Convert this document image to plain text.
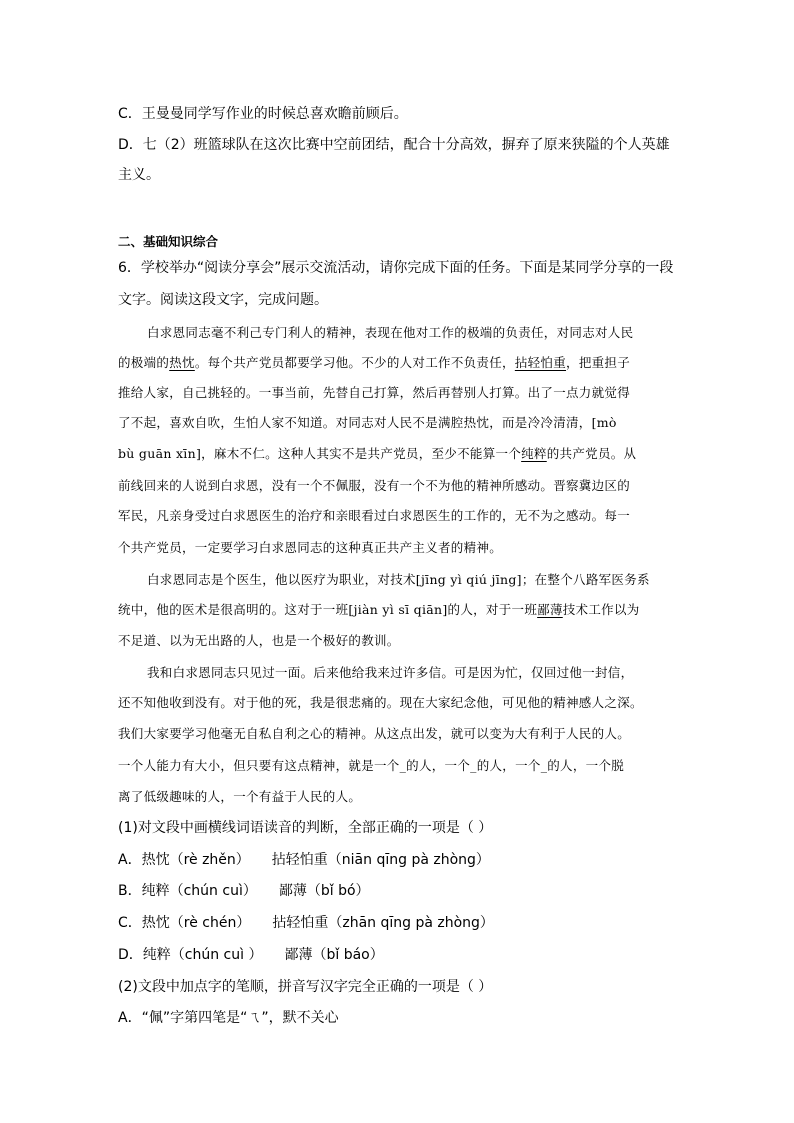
C．王曼曼同学写作业的时候总喜欢瞻前顾后。
D．七（2）班篮球队在这次比赛中空前团结，配合十分高效，摒弃了原来狭隘的个人英雄
主义。
二、基础知识综合
6．学校举办“阅读分享会”展示交流活动，请你完成下面的任务。下面是某同学分享的一段
文字。阅读这段文字，完成问题。
白求恩同志毫不利己专门利人的精神，表现在他对工作的极端的负责任，对同志对人民
的极端的热忱。每个共产党员都要学习他。不少的人对工作不负责任，拈轻怕重，把重担子
推给人家，自己挑轻的。一事当前，先替自己打算，然后再替别人打算。出了一点力就觉得
了不起，喜欢自吹，生怕人家不知道。对同志对人民不是满腔热忱，而是冷冷清清，[mò
bù guān xīn]，麻木不仁。这种人其实不是共产党员，至少不能算一个纯粹的共产党员。从
前线回来的人说到白求恩，没有一个不佩服，没有一个不为他的精神所感动。晋察冀边区的
军民，凡亲身受过白求恩医生的治疗和亲眼看过白求恩医生的工作的，无不为之感动。每一
个共产党员，一定要学习白求恩同志的这种真正共产主义者的精神。
白求恩同志是个医生，他以医疗为职业，对技术[jīng yì qiú jīng]；在整个八路军医务系
统中，他的医术是很高明的。这对于一班[jiàn yì sī qiān]的人，对于一班鄙薄技术工作以为
不足道、以为无出路的人，也是一个极好的教训。
我和白求恩同志只见过一面。后来他给我来过许多信。可是因为忙，仅回过他一封信，
还不知他收到没有。对于他的死，我是很悲痛的。现在大家纪念他，可见他的精神感人之深。
我们大家要学习他毫无自私自利之心的精神。从这点出发，就可以变为大有利于人民的人。
一个人能力有大小，但只要有这点精神，就是一个_的人，一个_的人，一个_的人，一个脱
离了低级趣味的人，一个有益于人民的人。
(1)对文段中画横线词语读音的判断，全部正确的一项是（ ）
A．热忱（rè zhěn） 拈轻怕重（niān qīng pà zhòng）
B．纯粹（chún cuì） 鄙薄（bǐ bó）
C．热忱（rè chén） 拈轻怕重（zhān qīng pà zhòng）
D．纯粹（chún cuì ） 鄙薄（bǐ báo）
(2)文段中加点字的笔顺，拼音写汉字完全正确的一项是（ ）
A．“佩”字第四笔是“ㄟ”，默不关心
